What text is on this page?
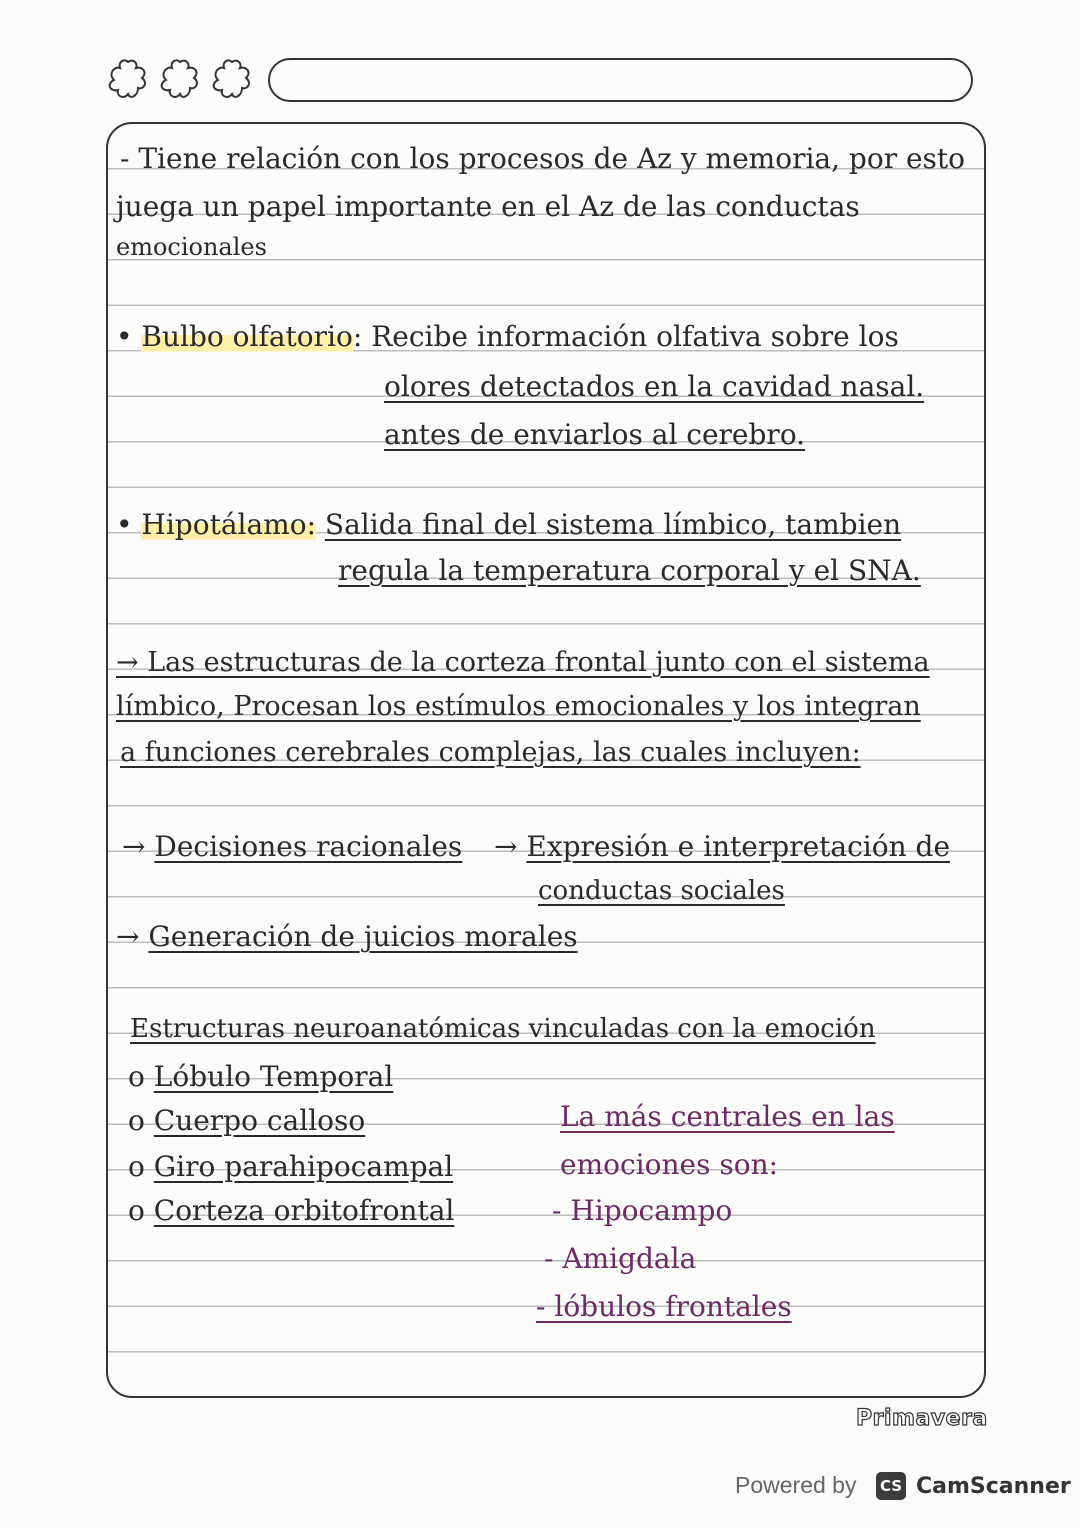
- Tiene relación con los procesos de Az y memoria, por esto
juega un papel importante en el Az de las conductas
emocionales
• Bulbo olfatorio: Recibe información olfativa sobre los
olores detectados en la cavidad nasal.
antes de enviarlos al cerebro.
• Hipotálamo: Salida final del sistema límbico, tambien
regula la temperatura corporal y el SNA.
→ Las estructuras de la corteza frontal junto con el sistema
límbico, Procesan los estímulos emocionales y los integran
a funciones cerebrales complejas, las cuales incluyen:
→ Decisiones racionales → Expresión e interpretación de
conductas sociales
→ Generación de juicios morales
Estructuras neuroanatómicas vinculadas con la emoción
o Lóbulo Temporal
o Cuerpo calloso
o Giro parahipocampal
o Corteza orbitofrontal
La más centrales en las
emociones son:
- Hipocampo
- Amigdala
- lóbulos frontales
Primavera
Powered by CS CamScanner
